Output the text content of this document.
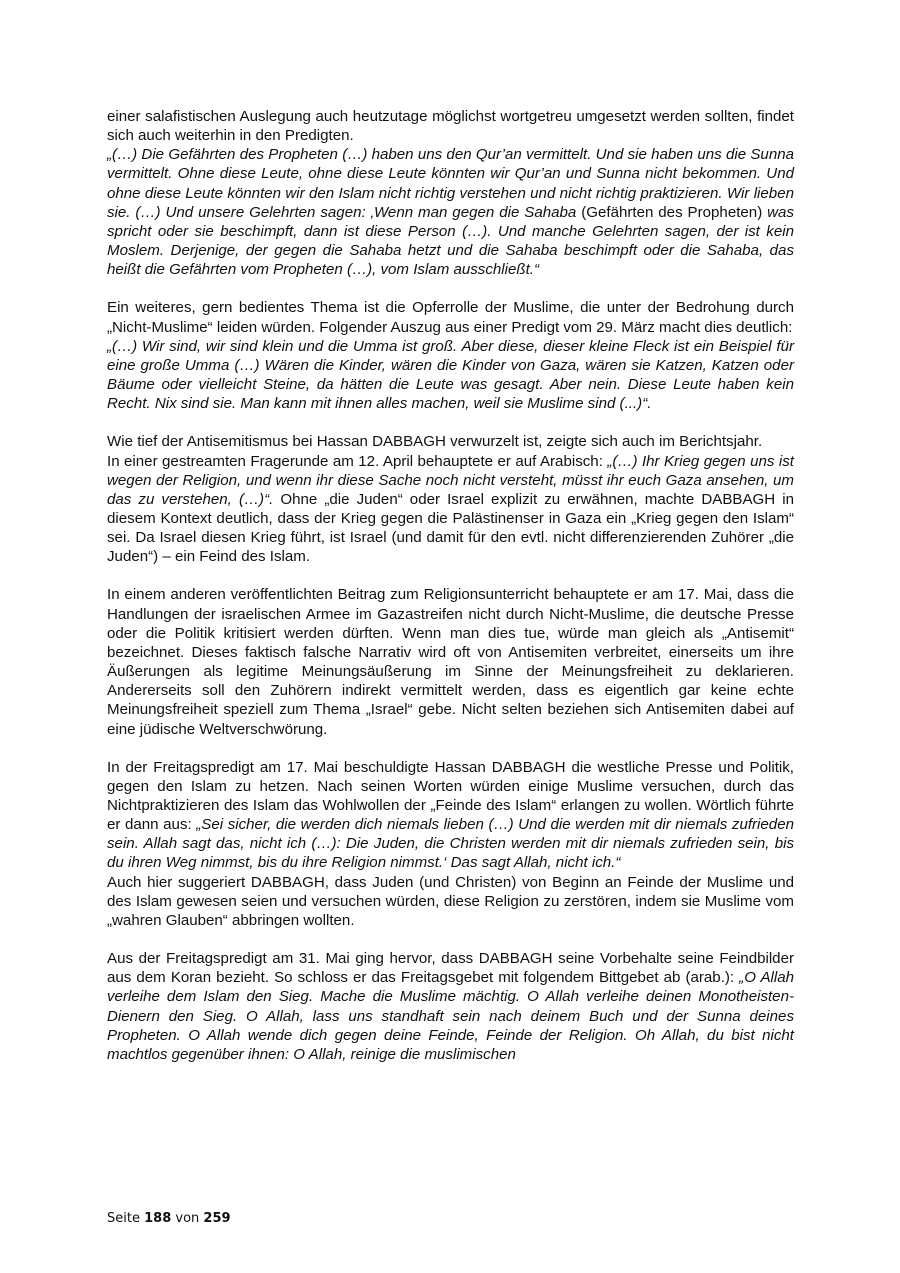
einer salafistischen Auslegung auch heutzutage möglichst wortgetreu umgesetzt werden sollten, findet sich auch weiterhin in den Predigten.

„(…) Die Gefährten des Propheten (…) haben uns den Qur’an vermittelt. Und sie haben uns die Sunna vermittelt. Ohne diese Leute, ohne diese Leute könnten wir Qur’an und Sunna nicht bekommen. Und ohne diese Leute könnten wir den Islam nicht richtig verstehen und nicht richtig praktizieren. Wir lieben sie. (…) Und unsere Gelehrten sagen: ‚Wenn man gegen die Sahaba (Gefährten des Propheten) was spricht oder sie beschimpft, dann ist diese Person (…). Und manche Gelehrten sagen, der ist kein Moslem. Derjenige, der gegen die Sahaba hetzt und die Sahaba beschimpft oder die Sahaba, das heißt die Gefährten vom Propheten (…), vom Islam ausschließt.“

Ein weiteres, gern bedientes Thema ist die Opferrolle der Muslime, die unter der Bedrohung durch „Nicht-Muslime“ leiden würden. Folgender Auszug aus einer Predigt vom 29. März macht dies deutlich:

„(…) Wir sind, wir sind klein und die Umma ist groß. Aber diese, dieser kleine Fleck ist ein Beispiel für eine große Umma (…) Wären die Kinder, wären die Kinder von Gaza, wären sie Katzen, Katzen oder Bäume oder vielleicht Steine, da hätten die Leute was gesagt. Aber nein. Diese Leute haben kein Recht. Nix sind sie. Man kann mit ihnen alles machen, weil sie Muslime sind (...)“.

Wie tief der Antisemitismus bei Hassan DABBAGH verwurzelt ist, zeigte sich auch im Berichtsjahr.

In einer gestreamten Fragerunde am 12. April behauptete er auf Arabisch: „(…) Ihr Krieg gegen uns ist wegen der Religion, und wenn ihr diese Sache noch nicht versteht, müsst ihr euch Gaza ansehen, um das zu verstehen, (…)“. Ohne „die Juden“ oder Israel explizit zu erwähnen, machte DABBAGH in diesem Kontext deutlich, dass der Krieg gegen die Palästinenser in Gaza ein „Krieg gegen den Islam“ sei. Da Israel diesen Krieg führt, ist Israel (und damit für den evtl. nicht differenzierenden Zuhörer „die Juden“) – ein Feind des Islam.

In einem anderen veröffentlichten Beitrag zum Religionsunterricht behauptete er am 17. Mai, dass die Handlungen der israelischen Armee im Gazastreifen nicht durch Nicht-Muslime, die deutsche Presse oder die Politik kritisiert werden dürften. Wenn man dies tue, würde man gleich als „Antisemit“ bezeichnet. Dieses faktisch falsche Narrativ wird oft von Antisemiten verbreitet, einerseits um ihre Äußerungen als legitime Meinungsäußerung im Sinne der Meinungsfreiheit zu deklarieren. Andererseits soll den Zuhörern indirekt vermittelt werden, dass es eigentlich gar keine echte Meinungsfreiheit speziell zum Thema „Israel“ gebe. Nicht selten beziehen sich Antisemiten dabei auf eine jüdische Weltverschwörung.

In der Freitagspredigt am 17. Mai beschuldigte Hassan DABBAGH die westliche Presse und Politik, gegen den Islam zu hetzen. Nach seinen Worten würden einige Muslime versuchen, durch das Nichtpraktizieren des Islam das Wohlwollen der „Feinde des Islam“ erlangen zu wollen. Wörtlich führte er dann aus: „Sei sicher, die werden dich niemals lieben (…) Und die werden mit dir niemals zufrieden sein. Allah sagt das, nicht ich (…): Die Juden, die Christen werden mit dir niemals zufrieden sein, bis du ihren Weg nimmst, bis du ihre Religion nimmst.‘ Das sagt Allah, nicht ich.“

Auch hier suggeriert DABBAGH, dass Juden (und Christen) von Beginn an Feinde der Muslime und des Islam gewesen seien und versuchen würden, diese Religion zu zerstören, indem sie Muslime vom „wahren Glauben“ abbringen wollten.

Aus der Freitagspredigt am 31. Mai ging hervor, dass DABBAGH seine Vorbehalte seine Feindbilder aus dem Koran bezieht. So schloss er das Freitagsgebet mit folgendem Bittgebet ab (arab.): „O Allah verleihe dem Islam den Sieg. Mache die Muslime mächtig. O Allah verleihe deinen Monotheisten-Dienern den Sieg. O Allah, lass uns standhaft sein nach deinem Buch und der Sunna deines Propheten. O Allah wende dich gegen deine Feinde, Feinde der Religion. Oh Allah, du bist nicht machtlos gegenüber ihnen: O Allah, reinige die muslimischen

Seite 188 von 259
